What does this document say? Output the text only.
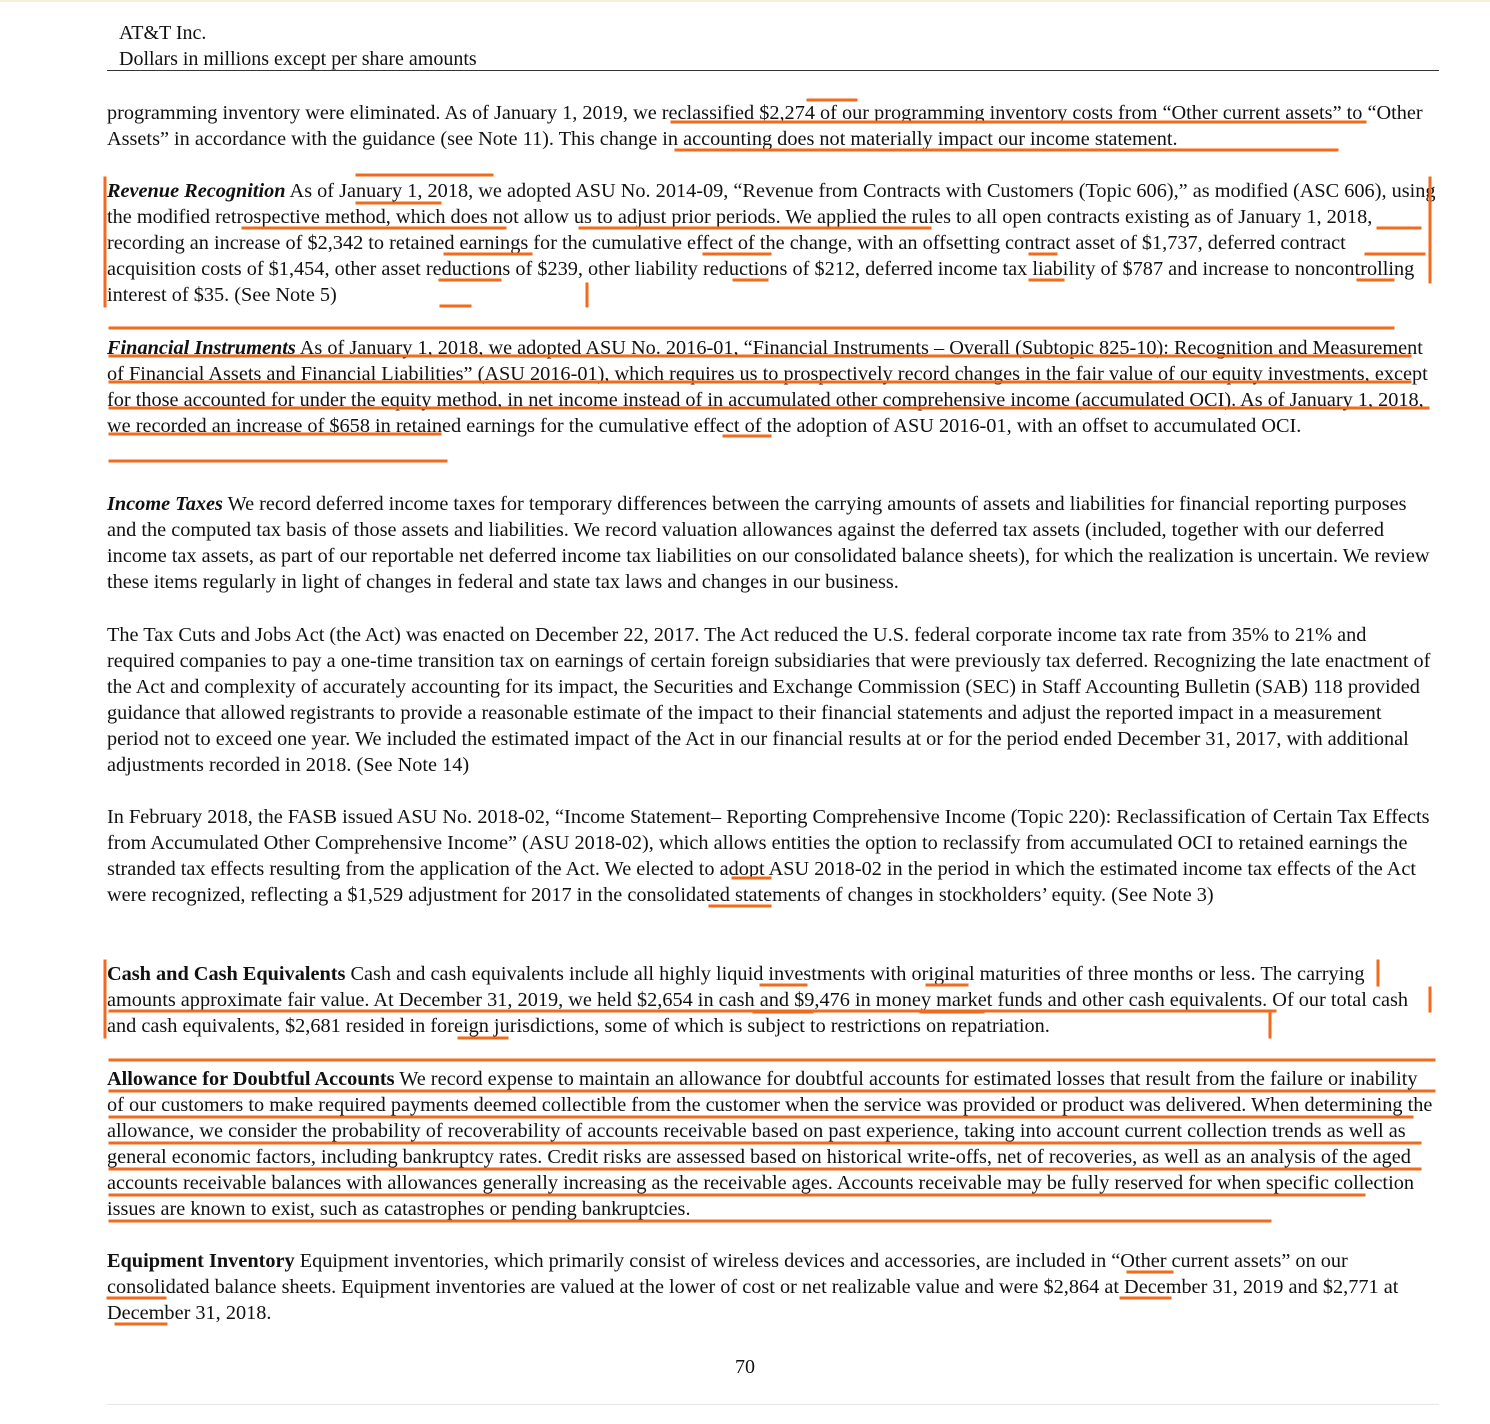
AT&T Inc.
Dollars in millions except per share amounts

programming inventory were eliminated. As of January 1, 2019, we reclassified $2,274 of our programming inventory costs from “Other current assets” to “Other Assets” in accordance with the guidance (see Note 11). This change in accounting does not materially impact our income statement.

Revenue Recognition As of January 1, 2018, we adopted ASU No. 2014-09, “Revenue from Contracts with Customers (Topic 606),” as modified (ASC 606), using the modified retrospective method, which does not allow us to adjust prior periods. We applied the rules to all open contracts existing as of January 1, 2018, recording an increase of $2,342 to retained earnings for the cumulative effect of the change, with an offsetting contract asset of $1,737, deferred contract acquisition costs of $1,454, other asset reductions of $239, other liability reductions of $212, deferred income tax liability of $787 and increase to noncontrolling interest of $35. (See Note 5)

Financial Instruments As of January 1, 2018, we adopted ASU No. 2016-01, “Financial Instruments – Overall (Subtopic 825-10): Recognition and Measurement of Financial Assets and Financial Liabilities” (ASU 2016-01), which requires us to prospectively record changes in the fair value of our equity investments, except for those accounted for under the equity method, in net income instead of in accumulated other comprehensive income (accumulated OCI). As of January 1, 2018, we recorded an increase of $658 in retained earnings for the cumulative effect of the adoption of ASU 2016-01, with an offset to accumulated OCI.

Income Taxes We record deferred income taxes for temporary differences between the carrying amounts of assets and liabilities for financial reporting purposes and the computed tax basis of those assets and liabilities. We record valuation allowances against the deferred tax assets (included, together with our deferred income tax assets, as part of our reportable net deferred income tax liabilities on our consolidated balance sheets), for which the realization is uncertain. We review these items regularly in light of changes in federal and state tax laws and changes in our business.

The Tax Cuts and Jobs Act (the Act) was enacted on December 22, 2017. The Act reduced the U.S. federal corporate income tax rate from 35% to 21% and required companies to pay a one-time transition tax on earnings of certain foreign subsidiaries that were previously tax deferred. Recognizing the late enactment of the Act and complexity of accurately accounting for its impact, the Securities and Exchange Commission (SEC) in Staff Accounting Bulletin (SAB) 118 provided guidance that allowed registrants to provide a reasonable estimate of the impact to their financial statements and adjust the reported impact in a measurement period not to exceed one year. We included the estimated impact of the Act in our financial results at or for the period ended December 31, 2017, with additional adjustments recorded in 2018. (See Note 14)

In February 2018, the FASB issued ASU No. 2018-02, “Income Statement– Reporting Comprehensive Income (Topic 220): Reclassification of Certain Tax Effects from Accumulated Other Comprehensive Income” (ASU 2018-02), which allows entities the option to reclassify from accumulated OCI to retained earnings the stranded tax effects resulting from the application of the Act. We elected to adopt ASU 2018-02 in the period in which the estimated income tax effects of the Act were recognized, reflecting a $1,529 adjustment for 2017 in the consolidated statements of changes in stockholders’ equity. (See Note 3)

Cash and Cash Equivalents Cash and cash equivalents include all highly liquid investments with original maturities of three months or less. The carrying amounts approximate fair value. At December 31, 2019, we held $2,654 in cash and $9,476 in money market funds and other cash equivalents. Of our total cash and cash equivalents, $2,681 resided in foreign jurisdictions, some of which is subject to restrictions on repatriation.

Allowance for Doubtful Accounts We record expense to maintain an allowance for doubtful accounts for estimated losses that result from the failure or inability of our customers to make required payments deemed collectible from the customer when the service was provided or product was delivered. When determining the allowance, we consider the probability of recoverability of accounts receivable based on past experience, taking into account current collection trends as well as general economic factors, including bankruptcy rates. Credit risks are assessed based on historical write-offs, net of recoveries, as well as an analysis of the aged accounts receivable balances with allowances generally increasing as the receivable ages. Accounts receivable may be fully reserved for when specific collection issues are known to exist, such as catastrophes or pending bankruptcies.

Equipment Inventory Equipment inventories, which primarily consist of wireless devices and accessories, are included in “Other current assets” on our consolidated balance sheets. Equipment inventories are valued at the lower of cost or net realizable value and were $2,864 at December 31, 2019 and $2,771 at December 31, 2018.

70
